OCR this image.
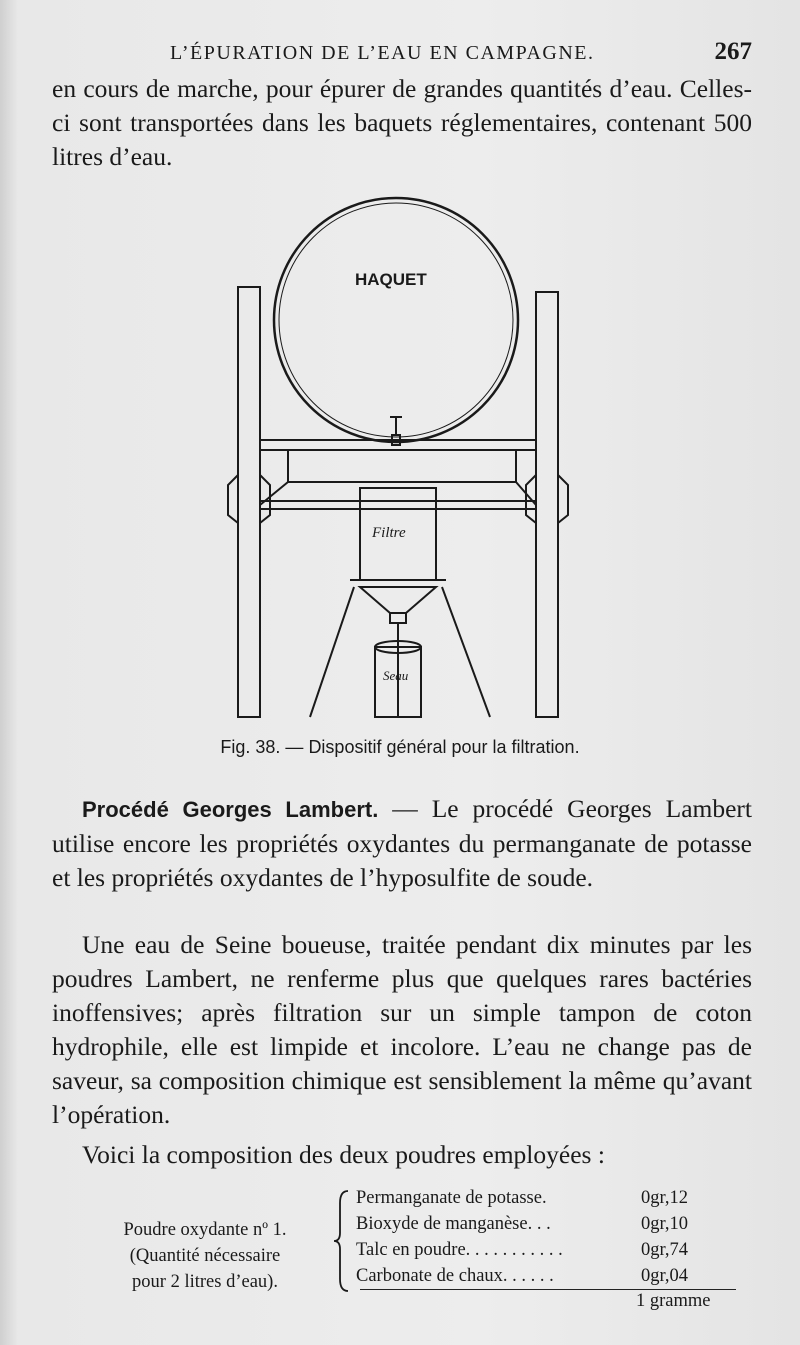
L’ÉPURATION DE L’EAU EN CAMPAGNE.	267

en cours de marche, pour épurer de grandes quantités d’eau. Celles-ci sont transportées dans les baquets réglementaires, contenant 500 litres d’eau.

HAQUET
Filtre
Seau
Fig. 38. — Dispositif général pour la filtration.

Procédé Georges Lambert. — Le procédé Georges Lambert utilise encore les propriétés oxydantes du permanganate de potasse et les propriétés oxydantes de l’hyposulfite de soude.

Une eau de Seine boueuse, traitée pendant dix minutes par les poudres Lambert, ne renferme plus que quelques rares bactéries inoffensives; après filtration sur un simple tampon de coton hydrophile, elle est limpide et incolore. L’eau ne change pas de saveur, sa composition chimique est sensiblement la même qu’avant l’opération.

Voici la composition des deux poudres employées :

Poudre oxydante nº 1.
(Quantité nécessaire
pour 2 litres d’eau).
Permanganate de potasse.	0gr,12
Bioxyde de manganèse. . .	0gr,10
Talc en poudre. . . . . . . . . . .	0gr,74
Carbonate de chaux. . . . . .	0gr,04
1 gramme
